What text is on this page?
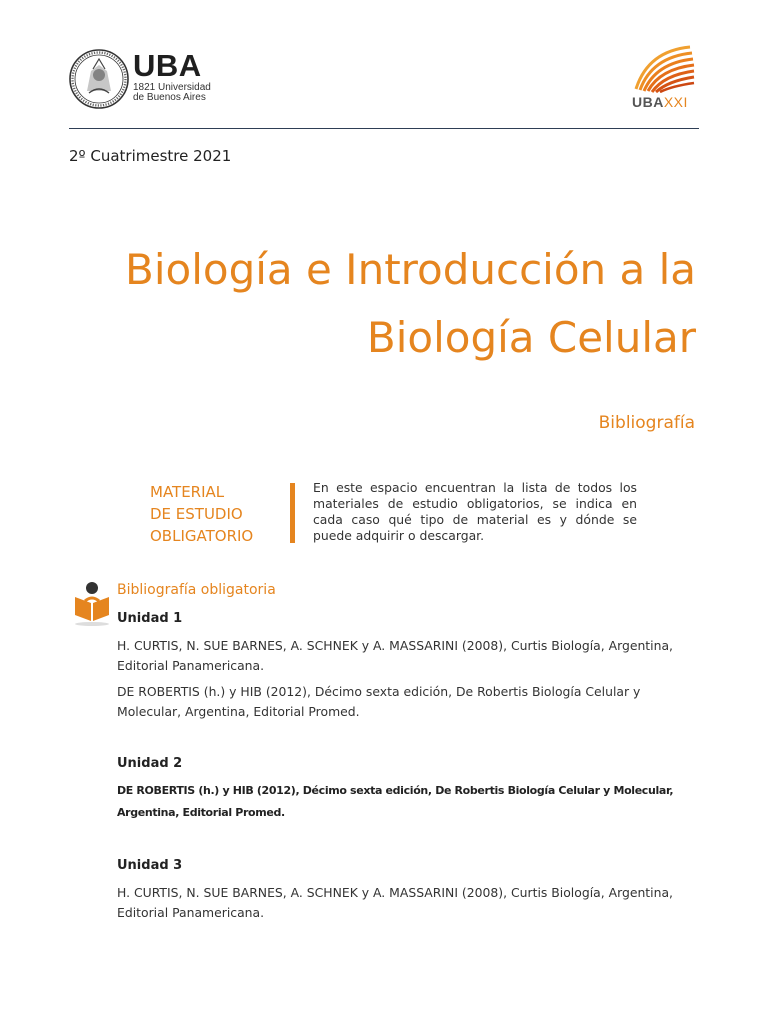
UBA
1821 Universidad
de Buenos Aires	UBAXXI
2º Cuatrimestre 2021
Biología e Introducción a la
Biología Celular
Bibliografía
MATERIAL
DE ESTUDIO
OBLIGATORIO
En este espacio encuentran la lista de todos los materiales de estudio obligatorios, se indica en cada caso qué tipo de material es y dónde se puede adquirir o descargar.
Bibliografía obligatoria
Unidad 1
H. CURTIS, N. SUE BARNES, A. SCHNEK y A. MASSARINI (2008), Curtis Biología, Argentina, Editorial Panamericana.
DE ROBERTIS (h.) y HIB (2012), Décimo sexta edición, De Robertis Biología Celular y Molecular, Argentina, Editorial Promed.
Unidad 2
DE ROBERTIS (h.) y HIB (2012), Décimo sexta edición, De Robertis Biología Celular y Molecular, Argentina, Editorial Promed.
Unidad 3
H. CURTIS, N. SUE BARNES, A. SCHNEK y A. MASSARINI (2008), Curtis Biología, Argentina, Editorial Panamericana.
